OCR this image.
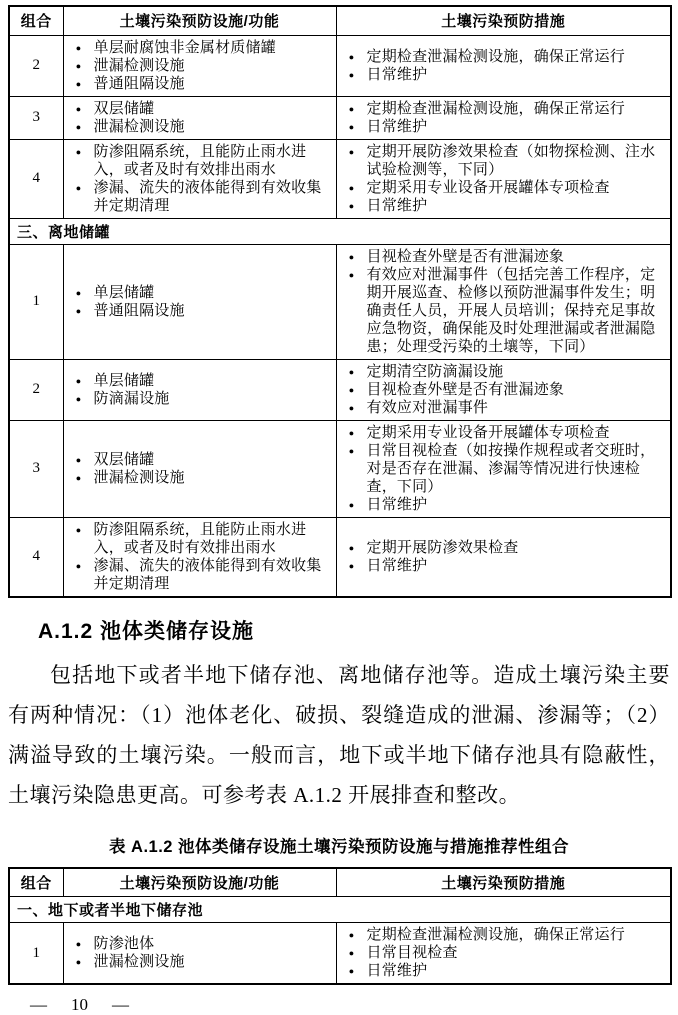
组合	土壤污染预防设施/功能	土壤污染预防措施
2	
● 单层耐腐蚀非金属材质储罐
● 泄漏检测设施
● 普通阻隔设施

● 定期检查泄漏检测设施，确保正常运行
● 日常维护

3	
● 双层储罐
● 泄漏检测设施

● 定期检查泄漏检测设施，确保正常运行
● 日常维护

4	
● 防渗阻隔系统，且能防止雨水进入，或者及时有效排出雨水
● 渗漏、流失的液体能得到有效收集并定期清理

● 定期开展防渗效果检查（如物探检测、注水试验检测等，下同）
● 定期采用专业设备开展罐体专项检查
● 日常维护

三、离地储罐		
1	
● 单层储罐
● 普通阻隔设施

● 目视检查外壁是否有泄漏迹象
● 有效应对泄漏事件（包括完善工作程序，定期开展巡查、检修以预防泄漏事件发生；明确责任人员，开展人员培训；保持充足事故应急物资，确保能及时处理泄漏或者泄漏隐患；处理受污染的土壤等，下同）

2	
● 单层储罐
● 防滴漏设施

● 定期清空防滴漏设施
● 目视检查外壁是否有泄漏迹象
● 有效应对泄漏事件

3	
● 双层储罐
● 泄漏检测设施

● 定期采用专业设备开展罐体专项检查
● 日常目视检查（如按操作规程或者交班时，对是否存在泄漏、渗漏等情况进行快速检查，下同）
● 日常维护

4	
● 防渗阻隔系统，且能防止雨水进入，或者及时有效排出雨水
● 渗漏、流失的液体能得到有效收集并定期清理

● 定期开展防渗效果检查
● 日常维护
A.1.2 池体类储存设施

包括地下或者半地下储存池、离地储存池等。造成土壤污染主要有两种情况：（1）池体老化、破损、裂缝造成的泄漏、渗漏等；（2）满溢导致的土壤污染。一般而言，地下或半地下储存池具有隐蔽性，土壤污染隐患更高。可参考表 A.1.2 开展排查和整改。

表 A.1.2 池体类储存设施土壤污染预防设施与措施推荐性组合
组合	土壤污染预防设施/功能	土壤污染预防措施
一、地下或者半地下储存池		
1	
● 防渗池体
● 泄漏检测设施

● 定期检查泄漏检测设施，确保正常运行
● 日常目视检查
● 日常维护
— 10 —
